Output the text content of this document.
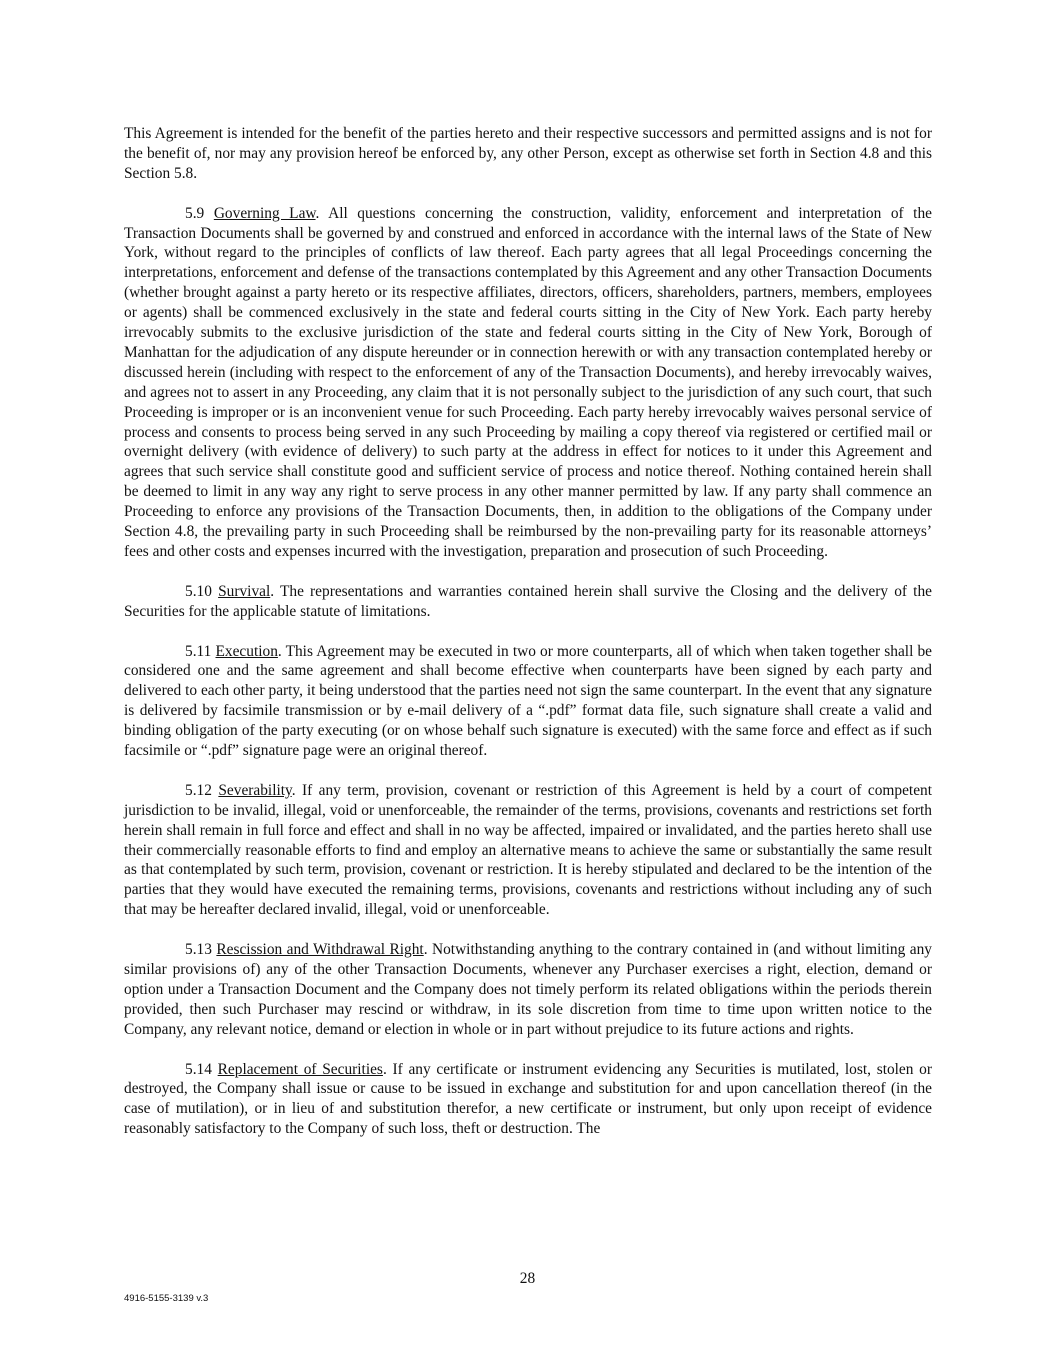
This Agreement is intended for the benefit of the parties hereto and their respective successors and permitted assigns and is not for the benefit of, nor may any provision hereof be enforced by, any other Person, except as otherwise set forth in Section 4.8 and this Section 5.8.

5.9 Governing Law. All questions concerning the construction, validity, enforcement and interpretation of the Transaction Documents shall be governed by and construed and enforced in accordance with the internal laws of the State of New York, without regard to the principles of conflicts of law thereof. Each party agrees that all legal Proceedings concerning the interpretations, enforcement and defense of the transactions contemplated by this Agreement and any other Transaction Documents (whether brought against a party hereto or its respective affiliates, directors, officers, shareholders, partners, members, employees or agents) shall be commenced exclusively in the state and federal courts sitting in the City of New York. Each party hereby irrevocably submits to the exclusive jurisdiction of the state and federal courts sitting in the City of New York, Borough of Manhattan for the adjudication of any dispute hereunder or in connection herewith or with any transaction contemplated hereby or discussed herein (including with respect to the enforcement of any of the Transaction Documents), and hereby irrevocably waives, and agrees not to assert in any Proceeding, any claim that it is not personally subject to the jurisdiction of any such court, that such Proceeding is improper or is an inconvenient venue for such Proceeding. Each party hereby irrevocably waives personal service of process and consents to process being served in any such Proceeding by mailing a copy thereof via registered or certified mail or overnight delivery (with evidence of delivery) to such party at the address in effect for notices to it under this Agreement and agrees that such service shall constitute good and sufficient service of process and notice thereof. Nothing contained herein shall be deemed to limit in any way any right to serve process in any other manner permitted by law. If any party shall commence an Proceeding to enforce any provisions of the Transaction Documents, then, in addition to the obligations of the Company under Section 4.8, the prevailing party in such Proceeding shall be reimbursed by the non-prevailing party for its reasonable attorneys’ fees and other costs and expenses incurred with the investigation, preparation and prosecution of such Proceeding.

5.10 Survival. The representations and warranties contained herein shall survive the Closing and the delivery of the Securities for the applicable statute of limitations.

5.11 Execution. This Agreement may be executed in two or more counterparts, all of which when taken together shall be considered one and the same agreement and shall become effective when counterparts have been signed by each party and delivered to each other party, it being understood that the parties need not sign the same counterpart. In the event that any signature is delivered by facsimile transmission or by e-mail delivery of a “.pdf” format data file, such signature shall create a valid and binding obligation of the party executing (or on whose behalf such signature is executed) with the same force and effect as if such facsimile or “.pdf” signature page were an original thereof.

5.12 Severability. If any term, provision, covenant or restriction of this Agreement is held by a court of competent jurisdiction to be invalid, illegal, void or unenforceable, the remainder of the terms, provisions, covenants and restrictions set forth herein shall remain in full force and effect and shall in no way be affected, impaired or invalidated, and the parties hereto shall use their commercially reasonable efforts to find and employ an alternative means to achieve the same or substantially the same result as that contemplated by such term, provision, covenant or restriction. It is hereby stipulated and declared to be the intention of the parties that they would have executed the remaining terms, provisions, covenants and restrictions without including any of such that may be hereafter declared invalid, illegal, void or unenforceable.

5.13 Rescission and Withdrawal Right. Notwithstanding anything to the contrary contained in (and without limiting any similar provisions of) any of the other Transaction Documents, whenever any Purchaser exercises a right, election, demand or option under a Transaction Document and the Company does not timely perform its related obligations within the periods therein provided, then such Purchaser may rescind or withdraw, in its sole discretion from time to time upon written notice to the Company, any relevant notice, demand or election in whole or in part without prejudice to its future actions and rights.

5.14 Replacement of Securities. If any certificate or instrument evidencing any Securities is mutilated, lost, stolen or destroyed, the Company shall issue or cause to be issued in exchange and substitution for and upon cancellation thereof (in the case of mutilation), or in lieu of and substitution therefor, a new certificate or instrument, but only upon receipt of evidence reasonably satisfactory to the Company of such loss, theft or destruction. The

28
4916-5155-3139 v.3
